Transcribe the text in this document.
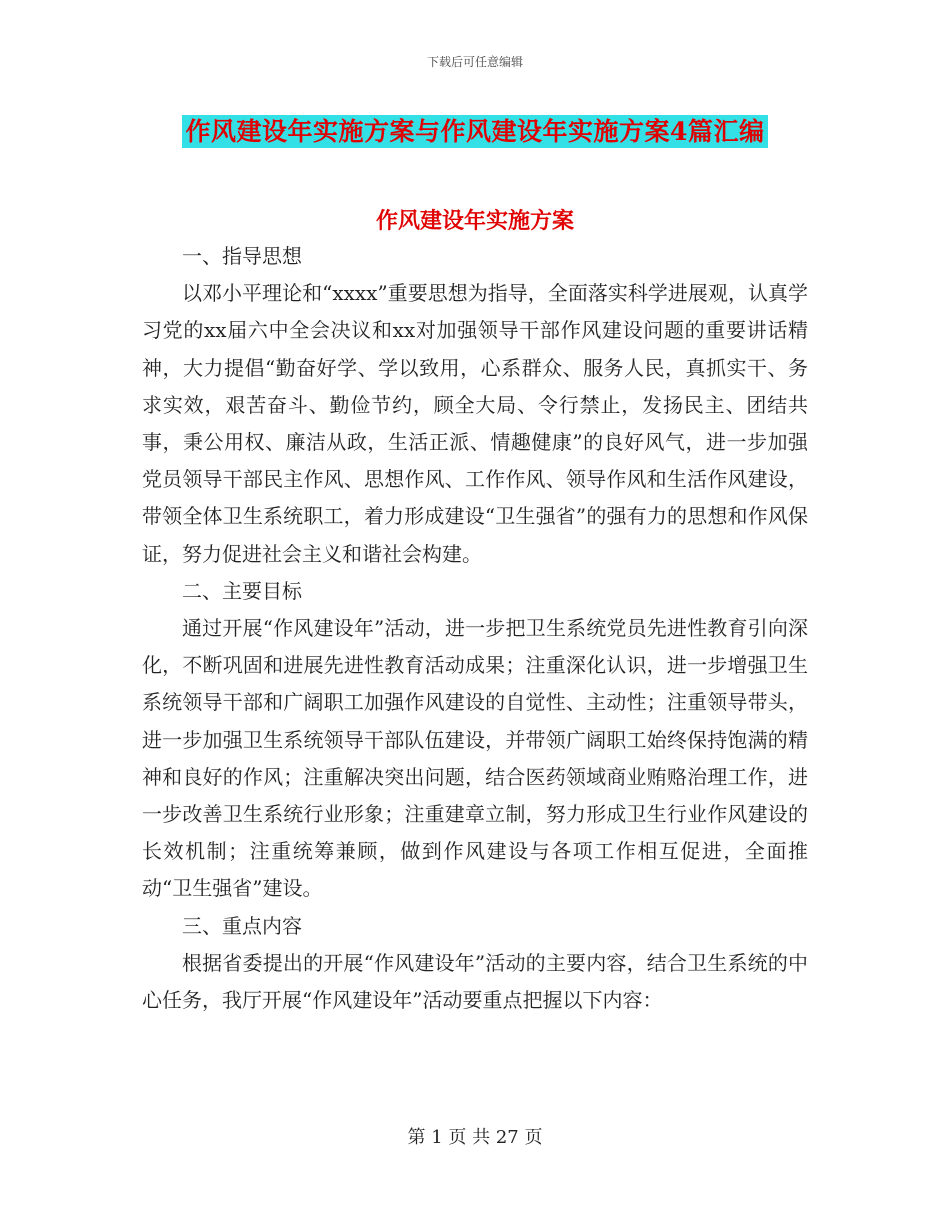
下载后可任意编辑
作风建设年实施方案与作风建设年实施方案4篇汇编
作风建设年实施方案

一、指导思想

以邓小平理论和“xxxx”重要思想为指导，全面落实科学进展观，认真学习党的xx届六中全会决议和xx对加强领导干部作风建设问题的重要讲话精神，大力提倡“勤奋好学、学以致用，心系群众、服务人民，真抓实干、务求实效，艰苦奋斗、勤俭节约，顾全大局、令行禁止，发扬民主、团结共事，秉公用权、廉洁从政，生活正派、情趣健康”的良好风气，进一步加强党员领导干部民主作风、思想作风、工作作风、领导作风和生活作风建设，带领全体卫生系统职工，着力形成建设“卫生强省”的强有力的思想和作风保证，努力促进社会主义和谐社会构建。

二、主要目标

通过开展“作风建设年”活动，进一步把卫生系统党员先进性教育引向深化，不断巩固和进展先进性教育活动成果；注重深化认识，进一步增强卫生系统领导干部和广阔职工加强作风建设的自觉性、主动性；注重领导带头，进一步加强卫生系统领导干部队伍建设，并带领广阔职工始终保持饱满的精神和良好的作风；注重解决突出问题，结合医药领域商业贿赂治理工作，进一步改善卫生系统行业形象；注重建章立制，努力形成卫生行业作风建设的长效机制；注重统筹兼顾，做到作风建设与各项工作相互促进，全面推动“卫生强省”建设。

三、重点内容

根据省委提出的开展“作风建设年”活动的主要内容，结合卫生系统的中心任务，我厅开展“作风建设年”活动要重点把握以下内容：

第 1 页 共 27 页
